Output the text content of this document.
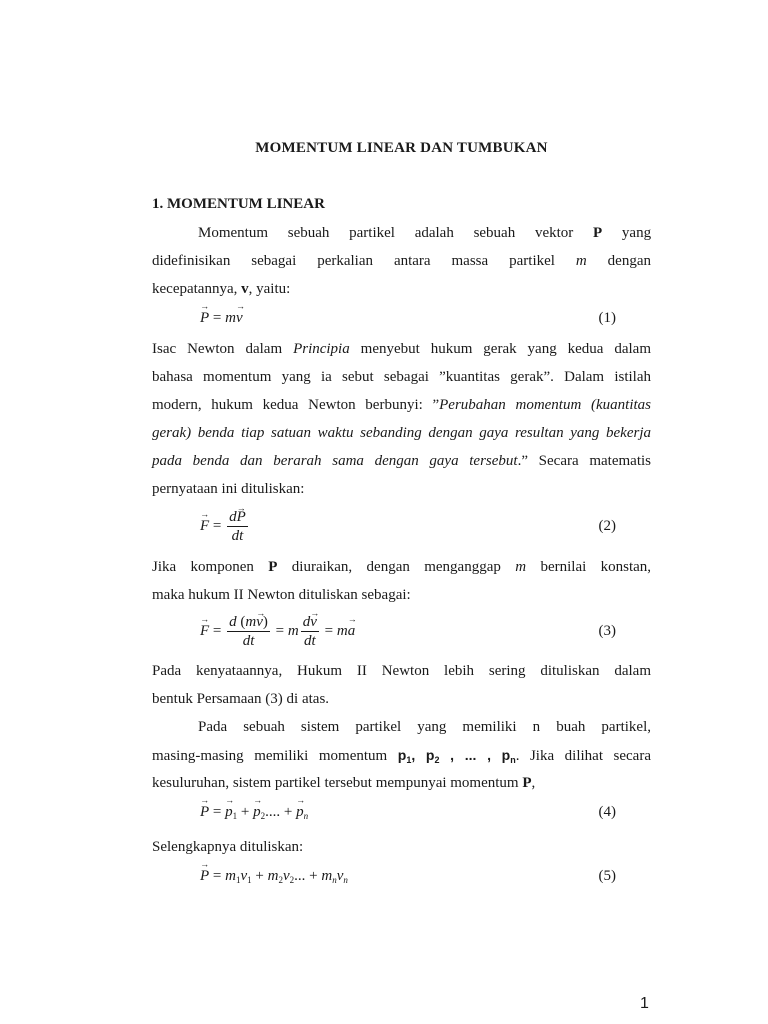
MOMENTUM LINEAR DAN TUMBUKAN
1. MOMENTUM LINEAR
Momentum sebuah partikel adalah sebuah vektor P yang
didefinisikan sebagai perkalian antara massa partikel m dengan
kecepatannya, v, yaitu:
→ P = m→ v	(1)
Isac Newton dalam Principia menyebut hukum gerak yang kedua dalam
bahasa momentum yang ia sebut sebagai ”kuantitas gerak”. Dalam istilah
modern, hukum kedua Newton berbunyi: ”Perubahan momentum (kuantitas
gerak) benda tiap satuan waktu sebanding dengan gaya resultan yang bekerja
pada benda dan berarah sama dengan gaya tersebut.” Secara matematis
pernyataan ini dituliskan:
→ $F = \frac{d\to P}{dt}$	(2)
Jika komponen P diuraikan, dengan menganggap m bernilai konstan,
maka hukum II Newton dituliskan sebagai:
→ $F = \frac{d (m\to v)}{dt} = m \frac{d\to v}{dt} = m\to a$	(3)
Pada kenyataannya, Hukum II Newton lebih sering dituliskan dalam
bentuk Persamaan (3) di atas.
Pada sebuah sistem partikel yang memiliki n buah partikel,
masing-masing memiliki momentum $p_1$, $p_2$ , ... , $p_n$. Jika dilihat secara
kesuluruhan, sistem partikel tersebut mempunyai momentum P,
→ P = → $p_1$ + → $p_2$.... + → $p_n$	(4)
Selengkapnya dituliskan:
→ $P = m_1v_1 + m_2v_2$... + $m_nv_n$	(5)
1
